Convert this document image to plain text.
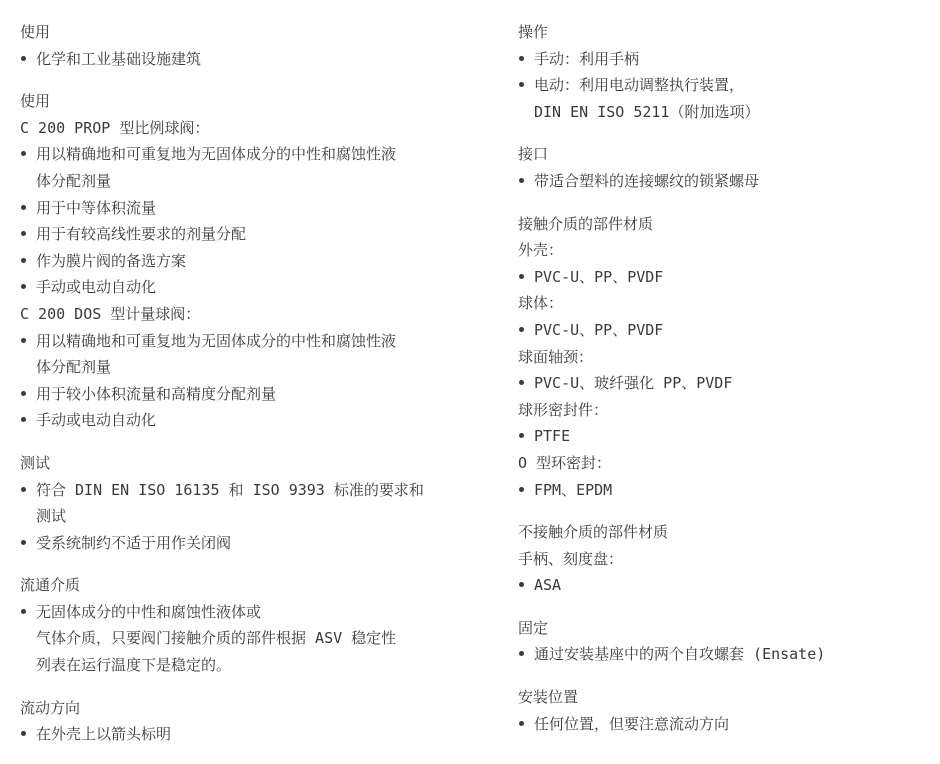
使用
化学和工业基础设施建筑
使用
C 200 PROP 型比例球阀：
用以精确地和可重复地为无固体成分的中性和腐蚀性液
体分配剂量
用于中等体积流量
用于有较高线性要求的剂量分配
作为膜片阀的备选方案
手动或电动自动化
C 200 DOS 型计量球阀：
用以精确地和可重复地为无固体成分的中性和腐蚀性液
体分配剂量
用于较小体积流量和高精度分配剂量
手动或电动自动化
测试
符合 DIN EN ISO 16135 和 ISO 9393 标准的要求和
测试
受系统制约不适于用作关闭阀
流通介质
无固体成分的中性和腐蚀性液体或
气体介质，只要阀门接触介质的部件根据 ASV 稳定性
列表在运行温度下是稳定的。
流动方向
在外壳上以箭头标明
操作
手动：利用手柄
电动：利用电动调整执行装置，
DIN EN ISO 5211（附加选项）
接口
带适合塑料的连接螺纹的锁紧螺母
接触介质的部件材质
外壳：
PVC-U、PP、PVDF
球体：
PVC-U、PP、PVDF
球面轴颈：
PVC-U、玻纤强化 PP、PVDF
球形密封件：
PTFE
O 型环密封：
FPM、EPDM
不接触介质的部件材质
手柄、刻度盘：
ASA
固定
通过安装基座中的两个自攻螺套 (Ensate)
安装位置
任何位置，但要注意流动方向
